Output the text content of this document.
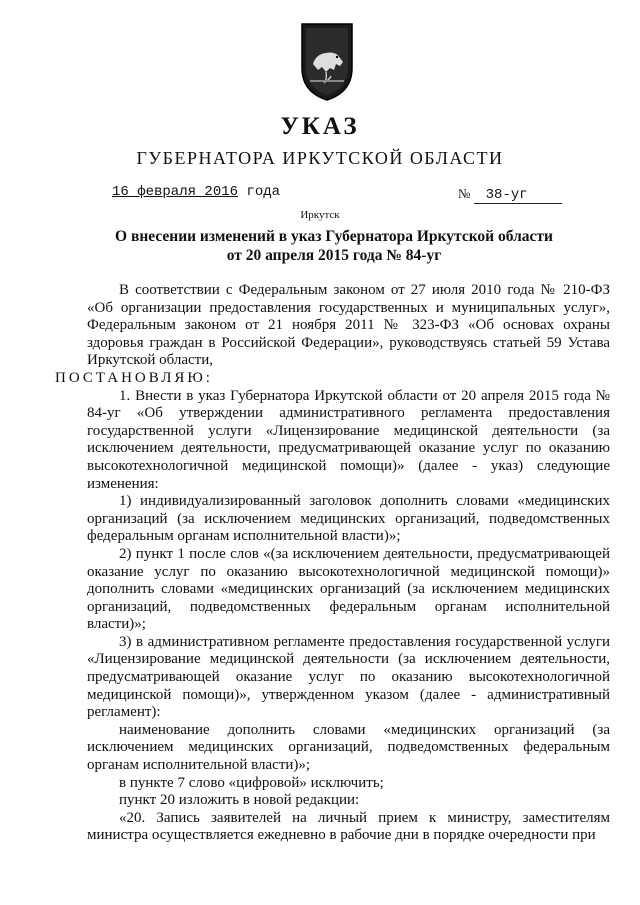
УКАЗ
ГУБЕРНАТОРА ИРКУТСКОЙ ОБЛАСТИ
16 февраля 2016 года	№ 38-уг
Иркутск
О внесении изменений в указ Губернатора Иркутской области
от 20 апреля 2015 года № 84-уг

В соответствии с Федеральным законом от 27 июля 2010 года № 210-ФЗ «Об организации предоставления государственных и муниципальных услуг», Федеральным законом от 21 ноября 2011 № 323-ФЗ «Об основах охраны здоровья граждан в Российской Федерации», руководствуясь статьей 59 Устава Иркутской области,

ПОСТАНОВЛЯЮ:

1. Внести в указ Губернатора Иркутской области от 20 апреля 2015 года № 84-уг «Об утверждении административного регламента предоставления государственной услуги «Лицензирование медицинской деятельности (за исключением деятельности, предусматривающей оказание услуг по оказанию высокотехнологичной медицинской помощи)» (далее - указ) следующие изменения:

1) индивидуализированный заголовок дополнить словами «медицинских организаций (за исключением медицинских организаций, подведомственных федеральным органам исполнительной власти)»;

2) пункт 1 после слов «(за исключением деятельности, предусматривающей оказание услуг по оказанию высокотехнологичной медицинской помощи)» дополнить словами «медицинских организаций (за исключением медицинских организаций, подведомственных федеральным органам исполнительной власти)»;

3) в административном регламенте предоставления государственной услуги «Лицензирование медицинской деятельности (за исключением деятельности, предусматривающей оказание услуг по оказанию высокотехнологичной медицинской помощи)», утвержденном указом (далее - административный регламент):

наименование дополнить словами «медицинских организаций (за исключением медицинских организаций, подведомственных федеральным органам исполнительной власти)»;

в пункте 7 слово «цифровой» исключить;

пункт 20 изложить в новой редакции:

«20. Запись заявителей на личный прием к министру, заместителям министра осуществляется ежедневно в рабочие дни в порядке очередности при
